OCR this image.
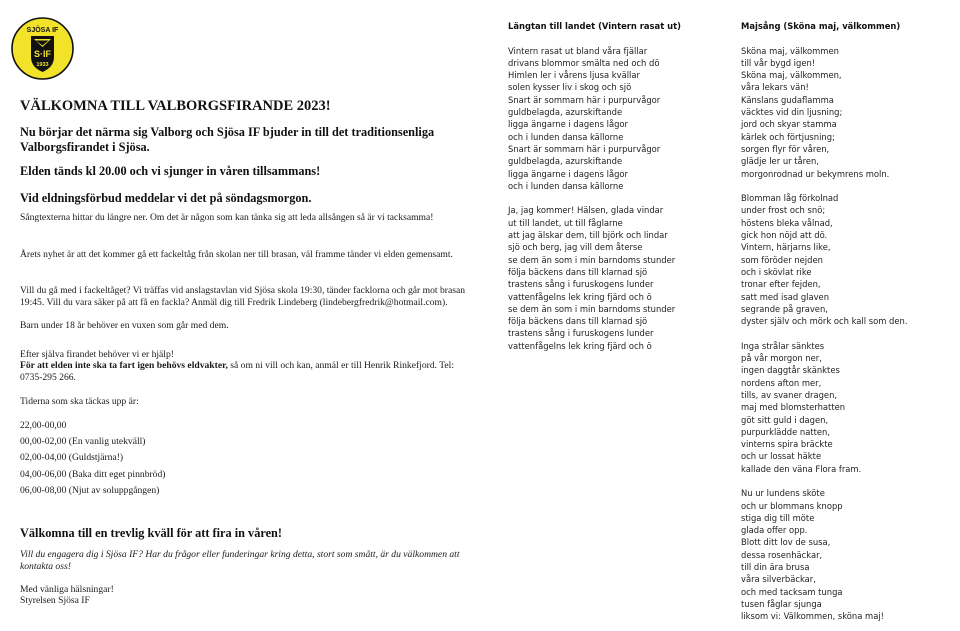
SJÖSA IF
S·IF
1933
VÄLKOMNA TILL VALBORGSFIRANDE 2023!
Nu börjar det närma sig Valborg och Sjösa IF bjuder in till det traditionsenliga Valborgsfirandet i Sjösa.
Elden tänds kl 20.00 och vi sjunger in våren tillsammans!
Vid eldningsförbud meddelar vi det på söndagsmorgon.
Sångtexterna hittar du längre ner. Om det är någon som kan tänka sig att leda allsången så är vi tacksamma!
Årets nyhet är att det kommer gå ett fackeltåg från skolan ner till brasan, väl framme tänder vi elden gemensamt.
Vill du gå med i fackeltåget? Vi träffas vid anslagstavlan vid Sjösa skola 19:30, tänder facklorna och går mot brasan 19:45. Vill du vara säker på att få en fackla? Anmäl dig till Fredrik Lindeberg (lindebergfredrik@hotmail.com).
Barn under 18 år behöver en vuxen som går med dem.
Efter själva firandet behöver vi er hjälp!
För att elden inte ska ta fart igen behövs eldvakter, så om ni vill och kan, anmäl er till Henrik Rinkefjord. Tel: 0735-295 266.
Tiderna som ska täckas upp är:
22,00-00,00
00,00-02,00 (En vanlig utekväll)
02,00-04,00 (Guldstjärna!)
04,00-06,00 (Baka ditt eget pinnbröd)
06,00-08,00 (Njut av soluppgången)
Välkomna till en trevlig kväll för att fira in våren!
Vill du engagera dig i Sjösa IF? Har du frågor eller funderingar kring detta, stort som smått, är du välkommen att kontakta oss!
Med vänliga hälsningar!
Styrelsen Sjösa IF
Längtan till landet (Vintern rasat ut)
Vintern rasat ut bland våra fjällar
drivans blommor smälta ned och dö
Himlen ler i vårens ljusa kvällar
solen kysser liv i skog och sjö
Snart är sommarn här i purpurvågor
guldbelagda, azurskiftande
ligga ängarne i dagens lågor
och i lunden dansa källorne
Snart är sommarn här i purpurvågor
guldbelagda, azurskiftande
ligga ängarne i dagens lågor
och i lunden dansa källorne
Ja, jag kommer! Hälsen, glada vindar
ut till landet, ut till fåglarne
att jag älskar dem, till björk och lindar
sjö och berg, jag vill dem återse
se dem än som i min barndoms stunder
följa bäckens dans till klarnad sjö
trastens sång i furuskogens lunder
vattenfågelns lek kring fjärd och ö
se dem än som i min barndoms stunder
följa bäckens dans till klarnad sjö
trastens sång i furuskogens lunder
vattenfågelns lek kring fjärd och ö
Majsång (Sköna maj, välkommen)
Sköna maj, välkommen
till vår bygd igen!
Sköna maj, välkommen,
våra lekars vän!
Känslans gudaflamma
väcktes vid din ljusning;
jord och skyar stamma
kärlek och förtjusning;
sorgen flyr för våren,
glädje ler ur tåren,
morgonrodnad ur bekymrens moln.
Blomman låg förkolnad
under frost och snö;
höstens bleka vålnad,
gick hon nöjd att dö.
Vintern, härjarns like,
som föröder nejden
och i skövlat rike
tronar efter fejden,
satt med isad glaven
segrande på graven,
dyster själv och mörk och kall som den.
Inga strålar sänktes
på vår morgon ner,
ingen daggtår skänktes
nordens afton mer,
tills, av svaner dragen,
maj med blomsterhatten
göt sitt guld i dagen,
purpurklädde natten,
vinterns spira bräckte
och ur lossat häkte
kallade den väna Flora fram.
Nu ur lundens sköte
och ur blommans knopp
stiga dig till möte
glada offer opp.
Blott ditt lov de susa,
dessa rosenhäckar,
till din ära brusa
våra silverbäckar,
och med tacksam tunga
tusen fåglar sjunga
liksom vi: Välkommen, sköna maj!
